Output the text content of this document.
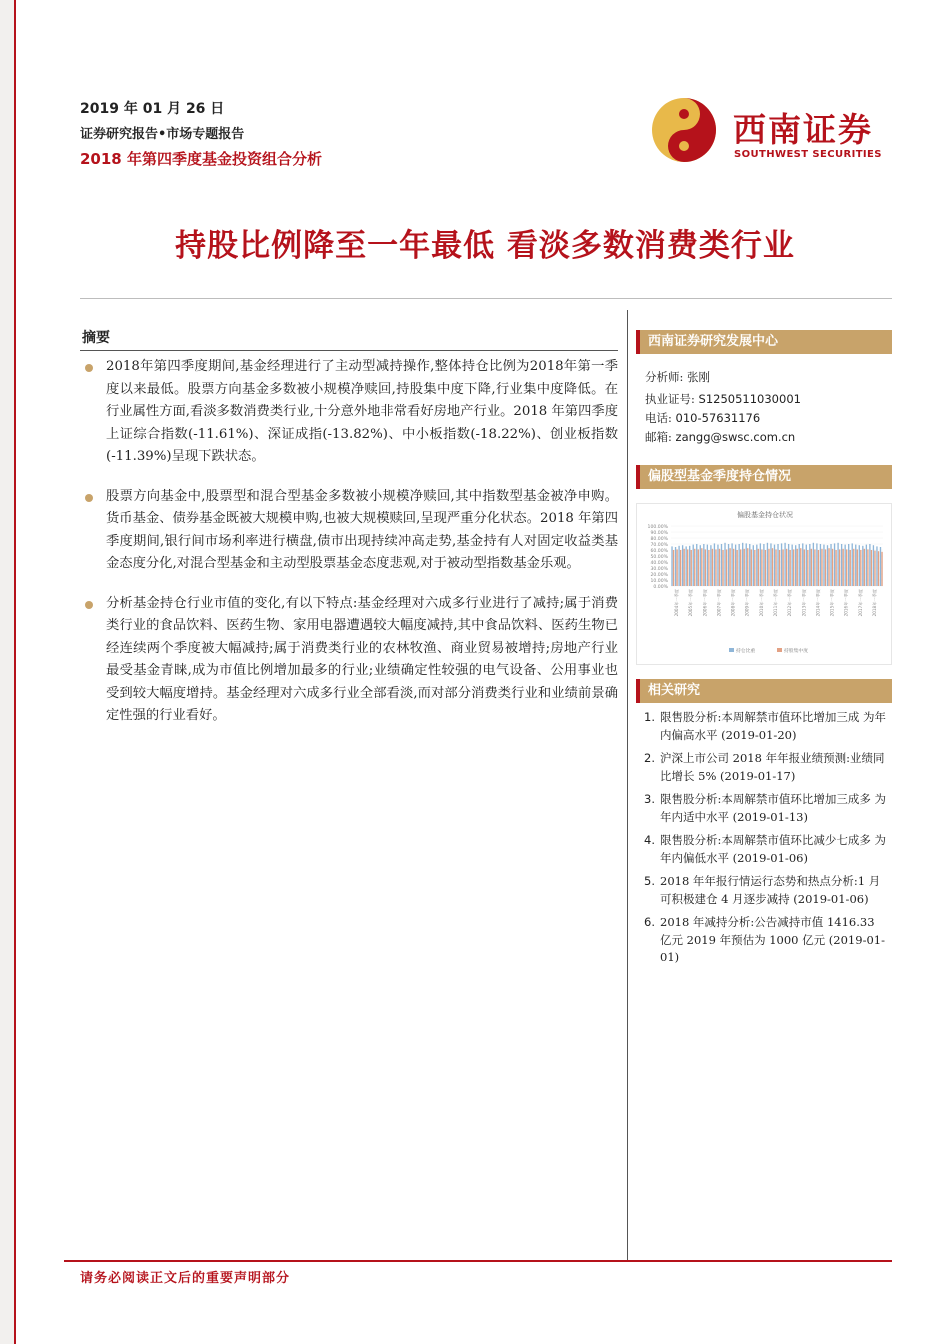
2019 年 01 月 26 日
证券研究报告•市场专题报告
2018 年第四季度基金投资组合分析
西南证券
SOUTHWEST SECURITIES
持股比例降至一年最低 看淡多数消费类行业
摘要
2018年第四季度期间,基金经理进行了主动型减持操作,整体持仓比例为2018年第一季度以来最低。股票方向基金多数被小规模净赎回,持股集中度下降,行业集中度降低。在行业属性方面,看淡多数消费类行业,十分意外地非常看好房地产行业。2018 年第四季度上证综合指数(-11.61%)、深证成指(-13.82%)、中小板指数(-18.22%)、创业板指数(-11.39%)呈现下跌状态。
股票方向基金中,股票型和混合型基金多数被小规模净赎回,其中指数型基金被净申购。货币基金、债券基金既被大规模申购,也被大规模赎回,呈现严重分化状态。2018 年第四季度期间,银行间市场利率进行横盘,债市出现持续冲高走势,基金持有人对固定收益类基金态度分化,对混合型基金和主动型股票基金态度悲观,对于被动型指数基金乐观。
分析基金持仓行业市值的变化,有以下特点:基金经理对六成多行业进行了减持;属于消费类行业的食品饮料、医药生物、家用电器遭遇较大幅度减持,其中食品饮料、医药生物已经连续两个季度被大幅减持;属于消费类行业的农林牧渔、商业贸易被增持;房地产行业最受基金青睐,成为市值比例增加最多的行业;业绩确定性较强的电气设备、公用事业也受到较大幅度增持。基金经理对六成多行业全部看淡,而对部分消费类行业和业绩前景确定性强的行业看好。
西南证券研究发展中心
分析师: 张刚
执业证号: S1250511030001
电话: 010-57631176
邮箱: zangg@swsc.com.cn
偏股型基金季度持仓情况
偏股基金持仓状况
100.00%
90.00%
80.00%
70.00%
60.00%
50.00%
40.00%
30.00%
20.00%
10.00%
0.00%
2004年一季度 2005年一季度 2006年一季度 2007年一季度 2008年一季度 2009年一季度 2010年一季度 2011年一季度 2012年一季度 2013年一季度 2014年一季度 2015年一季度 2016年一季度 2017年一季度 2018年一季度
持仓比重	持股集中度
相关研究
1. 限售股分析:本周解禁市值环比增加三成 为年内偏高水平 (2019-01-20)
2. 沪深上市公司 2018 年年报业绩预测:业绩同比增长 5% (2019-01-17)
3. 限售股分析:本周解禁市值环比增加三成多 为年内适中水平 (2019-01-13)
4. 限售股分析:本周解禁市值环比减少七成多 为年内偏低水平 (2019-01-06)
5. 2018 年年报行情运行态势和热点分析:1 月可积极建仓 4 月逐步减持 (2019-01-06)
6. 2018 年减持分析:公告减持市值 1416.33 亿元 2019 年预估为 1000 亿元 (2019-01-01)
请务必阅读正文后的重要声明部分
